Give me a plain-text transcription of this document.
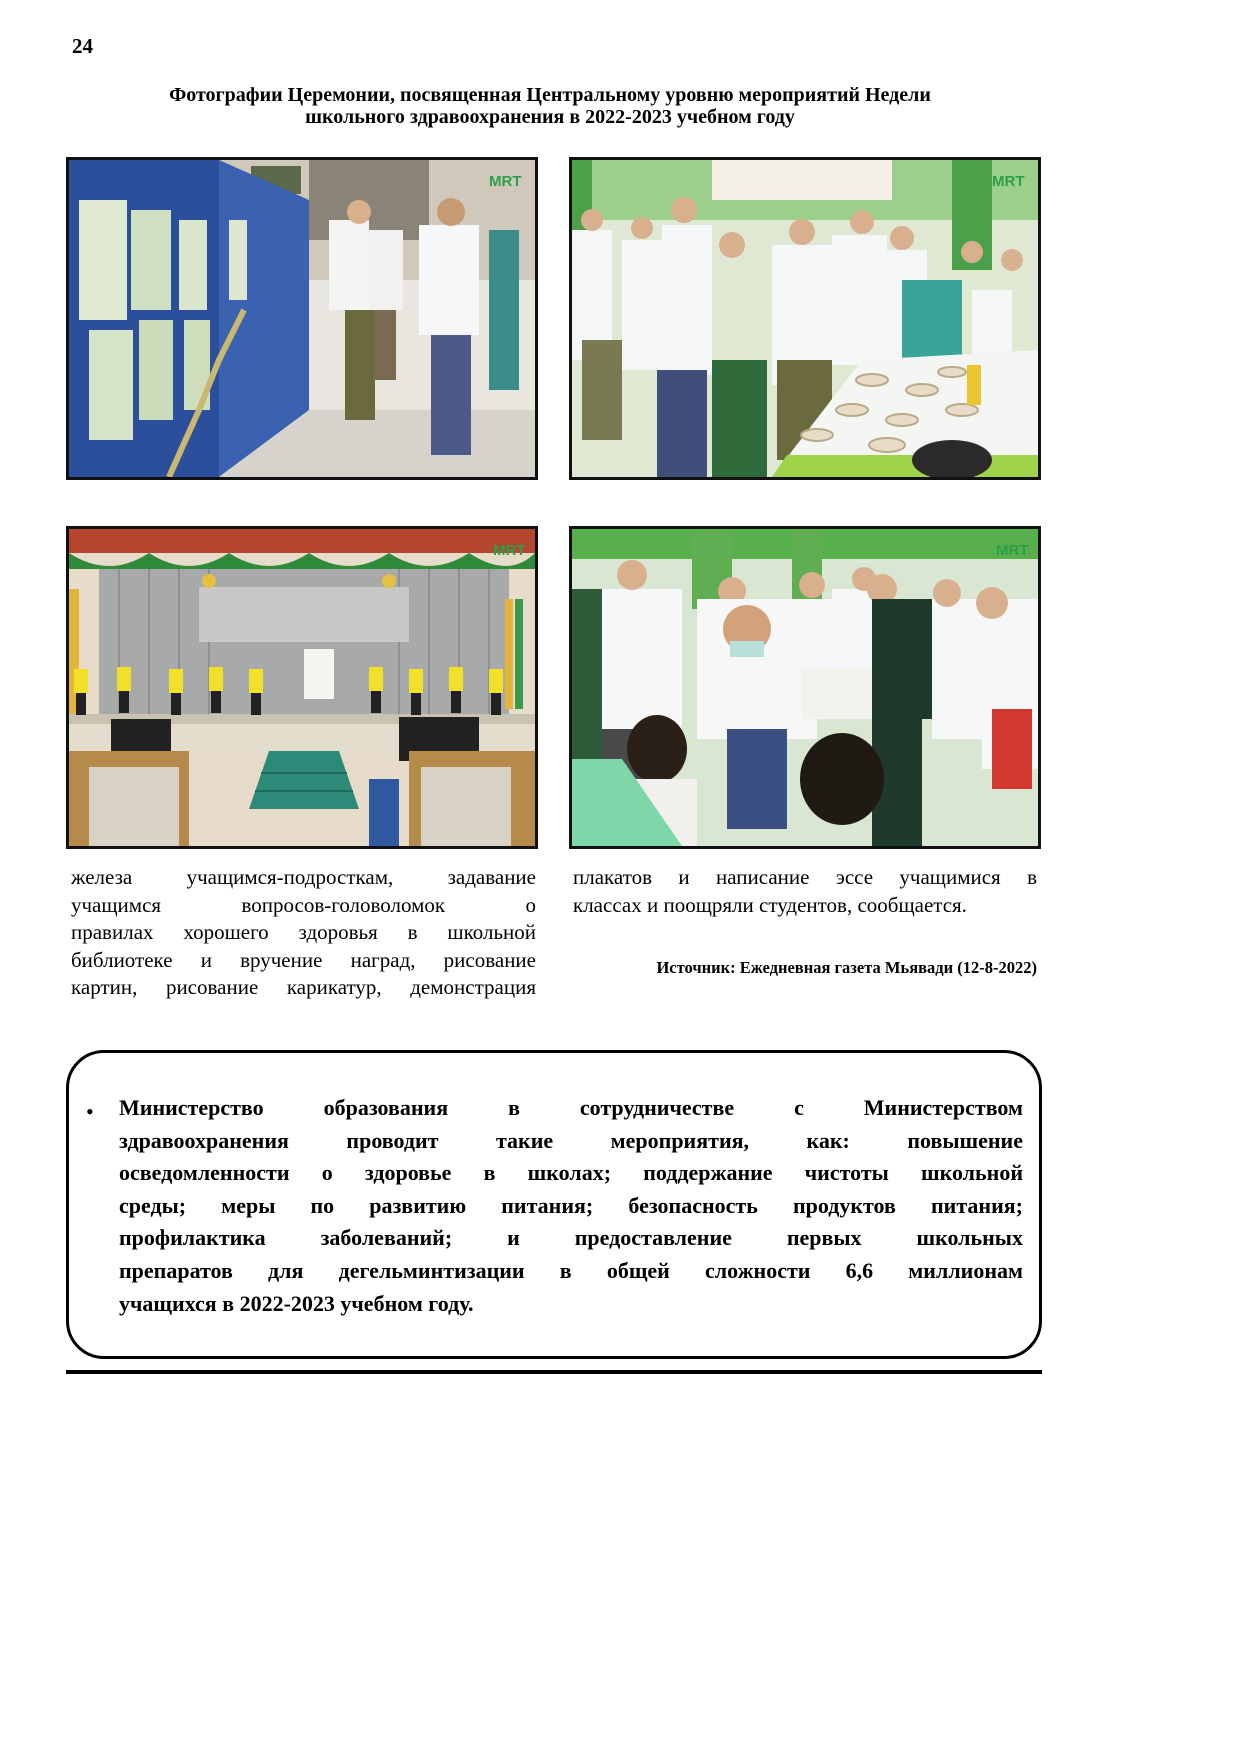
24
Фотографии Церемонии, посвященная Центральному уровню мероприятий Недели
школьного здравоохранения в 2022-2023 учебном году
MRT	MRT
MRT	MRT
железа учащимся-подросткам, задавание
учащимся вопросов-головоломок о
правилах хорошего здоровья в школьной
библиотеке и вручение наград, рисование
картин, рисование карикатур, демонстрация
плакатов и написание эссе учащимися в
классах и поощряли студентов, сообщается.
Источник: Ежедневная газета Мьявади (12-8-2022)
• Министерство образования в сотрудничестве с Министерством
здравоохранения проводит такие мероприятия, как: повышение
осведомленности о здоровье в школах; поддержание чистоты школьной
среды; меры по развитию питания; безопасность продуктов питания;
профилактика заболеваний; и предоставление первых школьных
препаратов для дегельминтизации в общей сложности 6,6 миллионам
учащихся в 2022-2023 учебном году.
